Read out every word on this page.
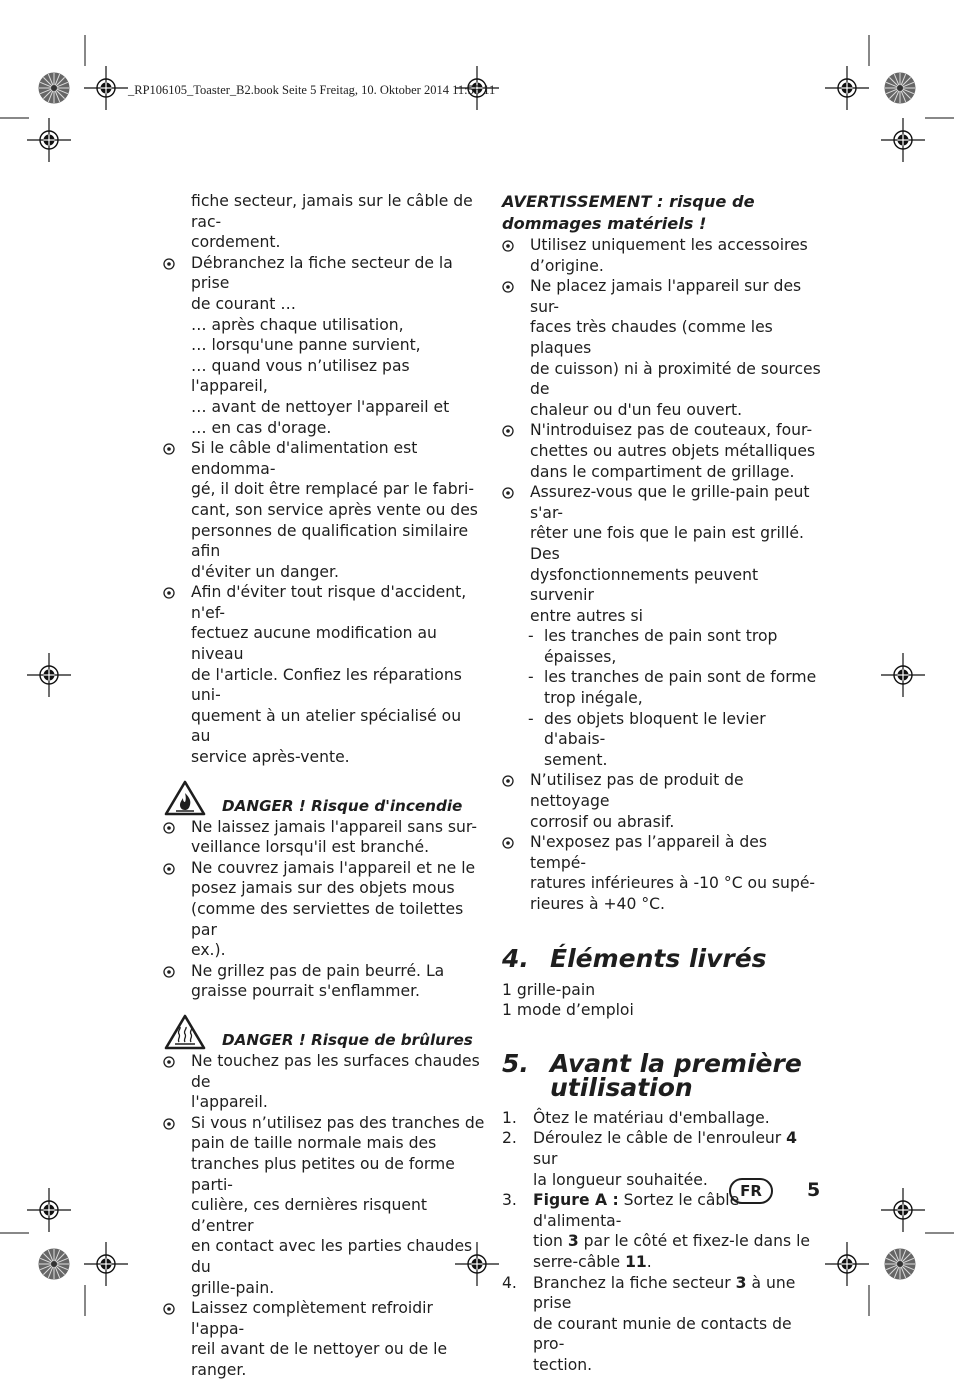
_RP106105_Toaster_B2.book Seite 5 Freitag, 10. Oktober 2014 11:55 11
fiche secteur, jamais sur le câble de rac-
cordement.
Débranchez la fiche secteur de la prise
de courant …
… après chaque utilisation,
… lorsqu'une panne survient,
… quand vous n’utilisez pas l'appareil,
… avant de nettoyer l'appareil et
… en cas d'orage.
Si le câble d'alimentation est endomma-
gé, il doit être remplacé par le fabri-
cant, son service après vente ou des
personnes de qualification similaire afin
d'éviter un danger.
Afin d'éviter tout risque d'accident, n'ef-
fectuez aucune modification au niveau
de l'article. Confiez les réparations uni-
quement à un atelier spécialisé ou au
service après-vente.
DANGER ! Risque d'incendie
Ne laissez jamais l'appareil sans sur-
veillance lorsqu'il est branché.
Ne couvrez jamais l'appareil et ne le
posez jamais sur des objets mous
(comme des serviettes de toilettes par
ex.).
Ne grillez pas de pain beurré. La
graisse pourrait s'enflammer.
DANGER ! Risque de brûlures
Ne touchez pas les surfaces chaudes de
l'appareil.
Si vous n’utilisez pas des tranches de
pain de taille normale mais des
tranches plus petites ou de forme parti-
culière, ces dernières risquent d’entrer
en contact avec les parties chaudes du
grille-pain.
Laissez complètement refroidir l'appa-
reil avant de le nettoyer ou de le ranger.
AVERTISSEMENT : risque de
dommages matériels !
Utilisez uniquement les accessoires
d’origine.
Ne placez jamais l'appareil sur des sur-
faces très chaudes (comme les plaques
de cuisson) ni à proximité de sources de
chaleur ou d'un feu ouvert.
N'introduisez pas de couteaux, four-
chettes ou autres objets métalliques
dans le compartiment de grillage.
Assurez-vous que le grille-pain peut s'ar-
rêter une fois que le pain est grillé. Des
dysfonctionnements peuvent survenir
entre autres si
- les tranches de pain sont trop
épaisses,
- les tranches de pain sont de forme
trop inégale,
- des objets bloquent le levier d'abais-
sement.
N’utilisez pas de produit de nettoyage
corrosif ou abrasif.
N'exposez pas l’appareil à des tempé-
ratures inférieures à -10 °C ou supé-
rieures à +40 °C.
4. Éléments livrés
1 grille-pain
1 mode d’emploi
5. Avant la première
utilisation
1. Ôtez le matériau d'emballage.
2. Déroulez le câble de l'enrouleur 4 sur
la longueur souhaitée.
3. Figure A : Sortez le câble d'alimenta-
tion 3 par le côté et fixez-le dans le
serre-câble 11.
4. Branchez la fiche secteur 3 à une prise
de courant munie de contacts de pro-
tection.
FR	5
